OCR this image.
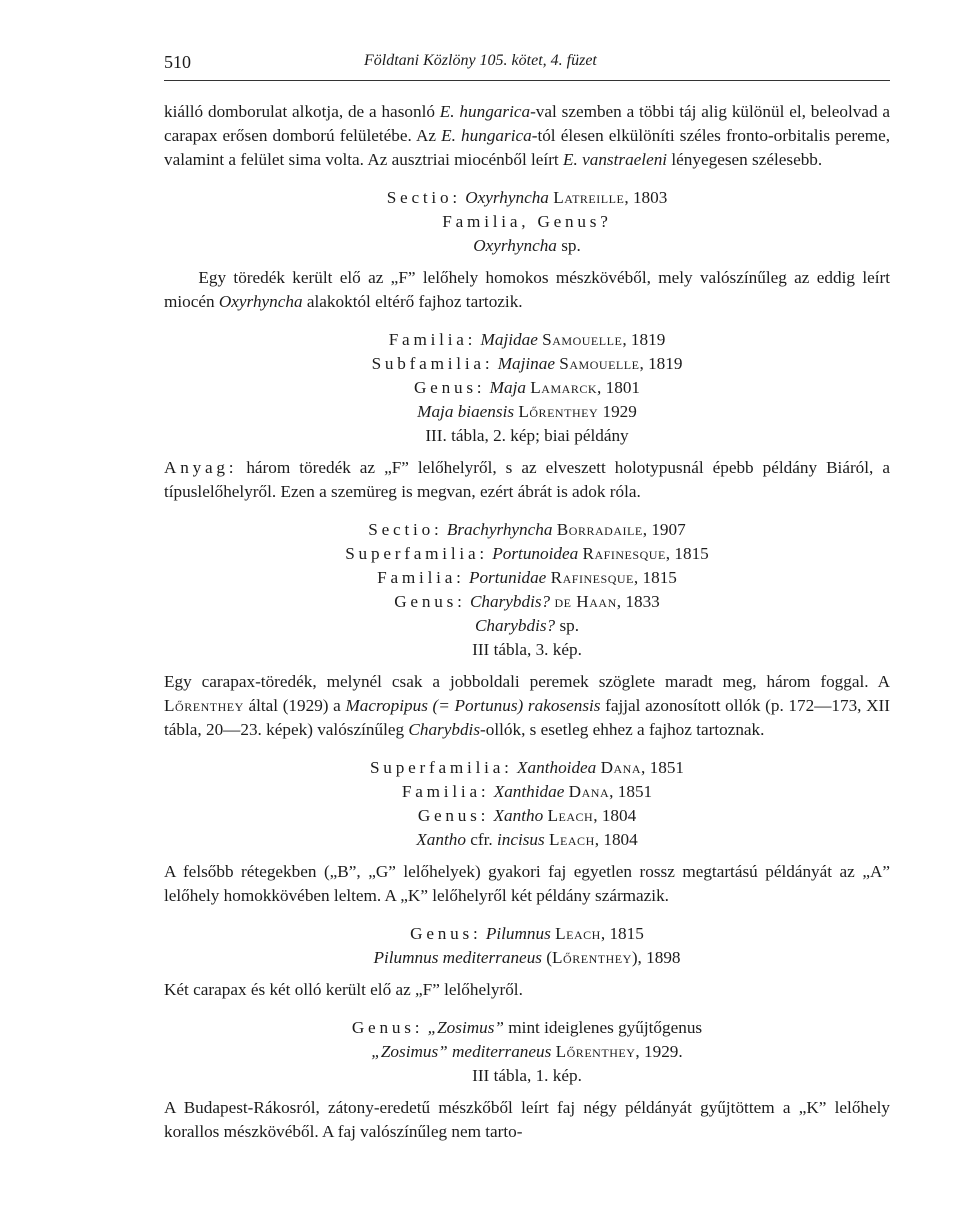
510	Földtani Közlöny 105. kötet, 4. füzet

kiálló domborulat alkotja, de a hasonló E. hungarica-val szemben a többi táj alig különül el, beleolvad a carapax erősen domború felületébe. Az E. hungarica-tól élesen elkülöníti széles fronto-orbitalis pereme, valamint a felület sima volta. Az ausztriai miocénből leírt E. vanstraeleni lényegesen szélesebb.

Sectio: Oxyrhyncha Latreille, 1803

Familia, Genus?

Oxyrhyncha sp.

Egy töredék került elő az „F” lelőhely homokos mészkövéből, mely valószínűleg az eddig leírt miocén Oxyrhyncha alakoktól eltérő fajhoz tartozik.

Familia: Majidae Samouelle, 1819

Subfamilia: Majinae Samouelle, 1819

Genus: Maja Lamarck, 1801

Maja biaensis Lőrenthey 1929

III. tábla, 2. kép; biai példány

Anyag: három töredék az „F” lelőhelyről, s az elveszett holotypusnál épebb példány Biáról, a típuslelőhelyről. Ezen a szemüreg is megvan, ezért ábrát is adok róla.

Sectio: Brachyrhyncha Borradaile, 1907

Superfamilia: Portunoidea Rafinesque, 1815

Familia: Portunidae Rafinesque, 1815

Genus: Charybdis? de Haan, 1833

Charybdis? sp.

III tábla, 3. kép.

Egy carapax-töredék, melynél csak a jobboldali peremek szöglete maradt meg, három foggal. A Lőrenthey által (1929) a Macropipus (= Portunus) rakosensis fajjal azonosított ollók (p. 172—173, XII tábla, 20—23. képek) valószínűleg Charybdis-ollók, s esetleg ehhez a fajhoz tartoznak.

Superfamilia: Xanthoidea Dana, 1851

Familia: Xanthidae Dana, 1851

Genus: Xantho Leach, 1804

Xantho cfr. incisus Leach, 1804

A felsőbb rétegekben („B”, „G” lelőhelyek) gyakori faj egyetlen rossz megtartású példányát az „A” lelőhely homokkövében leltem. A „K” lelőhelyről két példány származik.

Genus: Pilumnus Leach, 1815

Pilumnus mediterraneus (Lőrenthey), 1898

Két carapax és két olló került elő az „F” lelőhelyről.

Genus: „Zosimus” mint ideiglenes gyűjtőgenus

„Zosimus” mediterraneus Lőrenthey, 1929.

III tábla, 1. kép.

A Budapest-Rákosról, zátony-eredetű mészkőből leírt faj négy példányát gyűjtöttem a „K” lelőhely korallos mészkövéből. A faj valószínűleg nem tarto-
